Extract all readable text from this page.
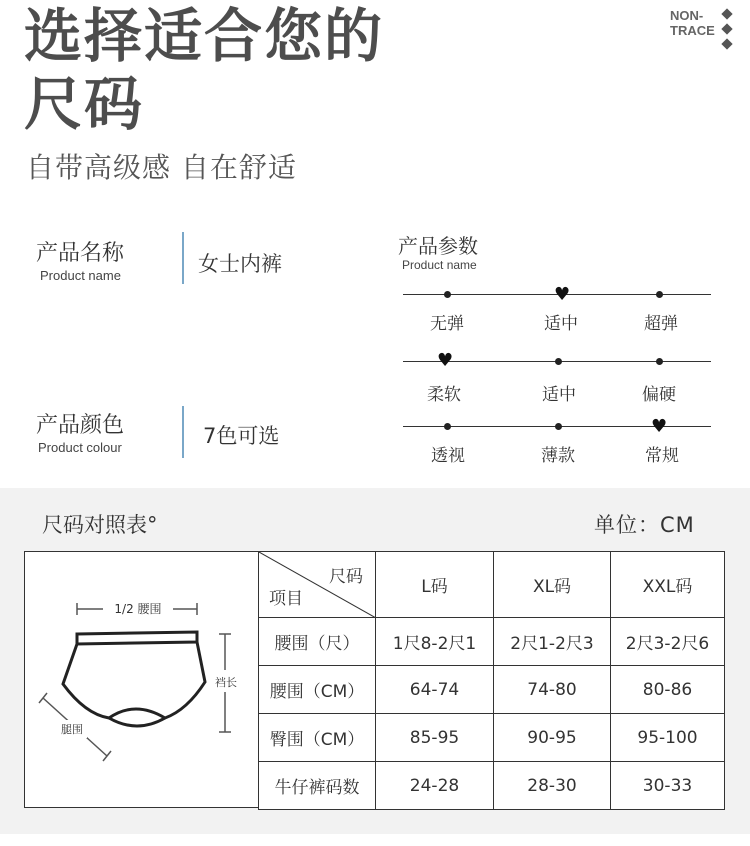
选择适合您的
尺码
自带高级感 自在舒适
NON-
TRACE
产品名称
Product name	女士内裤
产品颜色
Product colour	7色可选
产品参数
Product name
♥
无弹	适中	超弹
♥
柔软	适中	偏硬
♥
透视	薄款	常规
尺码对照表°	单位：CM
1/2 腰围
裆长
腿围
尺码
项目	L码	XL码	XXL码
腰围（尺）	1尺8-2尺1	2尺1-2尺3	2尺3-2尺6
腰围（CM）	64-74	74-80	80-86
臀围（CM）	85-95	90-95	95-100
牛仔裤码数	24-28	28-30	30-33
